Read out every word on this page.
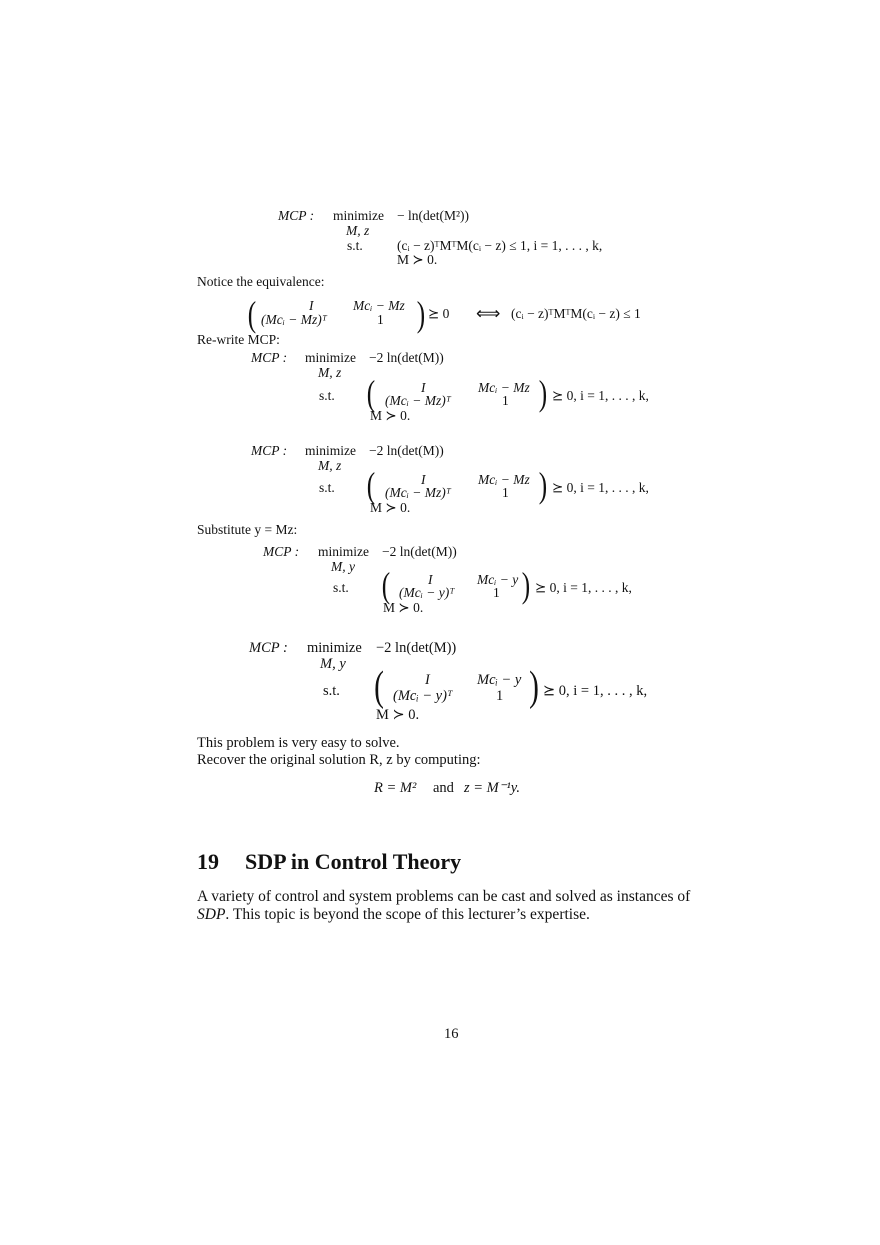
MCP : minimize − ln(det(M²))
M, z
s.t.	(cᵢ − z)ᵀMᵀM(cᵢ − z) ≤ 1, i = 1, . . . , k,
M ≻ 0.
Notice the equivalence:
(	I	Mcᵢ − Mz
(Mcᵢ − Mz)ᵀ	1 ) ⪰ 0 ⟺ (cᵢ − z)ᵀMᵀM(cᵢ − z) ≤ 1
Re-write MCP:
MCP : minimize −2 ln(det(M))
M, z
s.t. (	I	Mcᵢ − Mz
(Mcᵢ − Mz)ᵀ	1 ) ⪰ 0, i = 1, . . . , k,
M ≻ 0.
MCP : minimize −2 ln(det(M))
M, z
s.t. (	I	Mcᵢ − Mz
(Mcᵢ − Mz)ᵀ	1 ) ⪰ 0, i = 1, . . . , k,
M ≻ 0.
Substitute y = Mz:
MCP : minimize −2 ln(det(M))
M, y
s.t. (	I	Mcᵢ − y
(Mcᵢ − y)ᵀ	1 ) ⪰ 0, i = 1, . . . , k,
M ≻ 0.
MCP : minimize −2 ln(det(M))
M, y
s.t. (	I	Mcᵢ − y
(Mcᵢ − y)ᵀ	1 ) ⪰ 0, i = 1, . . . , k,
M ≻ 0.
This problem is very easy to solve.
Recover the original solution R, z by computing:
R = M² and z = M⁻¹y.
19 SDP in Control Theory
A variety of control and system problems can be cast and solved as instances of
SDP. This topic is beyond the scope of this lecturer’s expertise.
16
